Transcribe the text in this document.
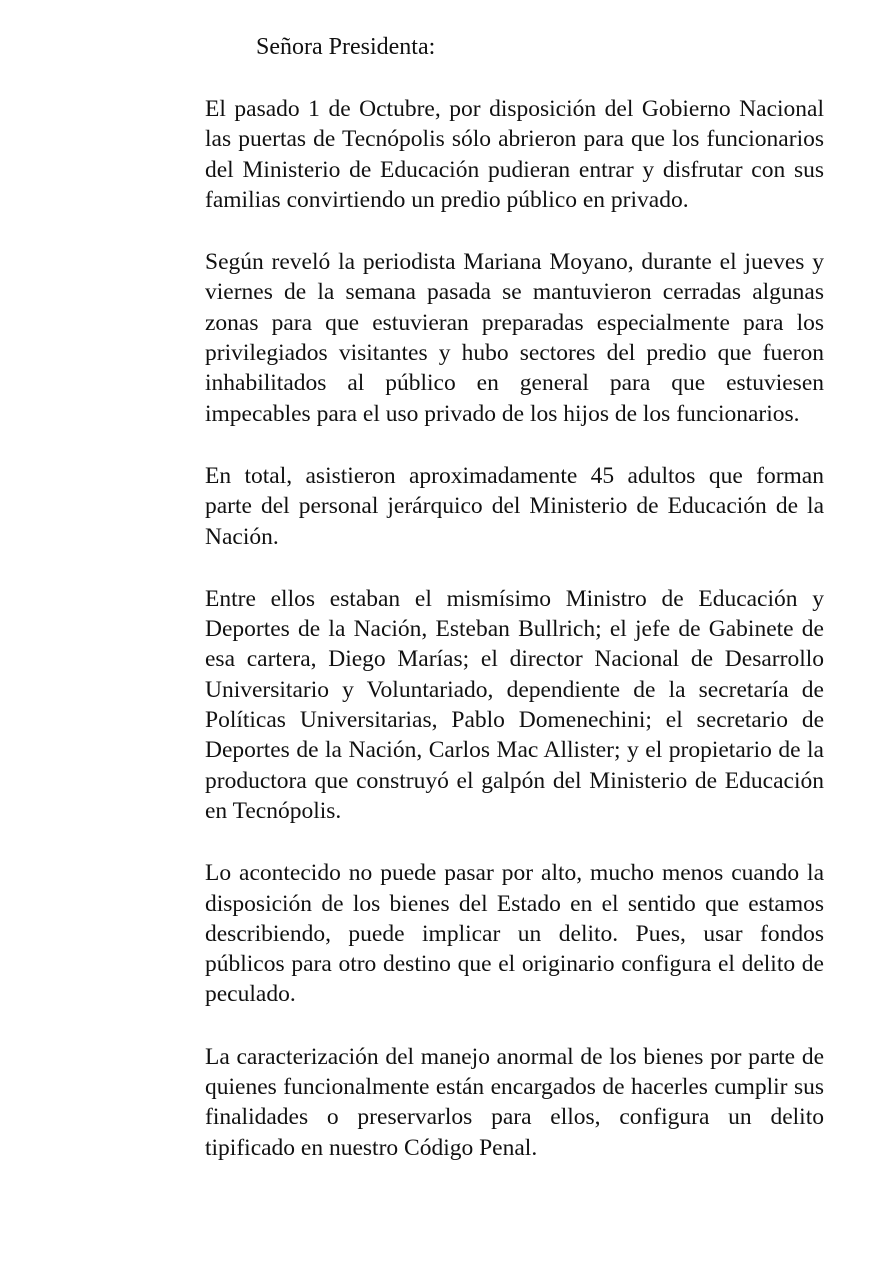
Señora Presidenta:

El pasado 1 de Octubre, por disposición del Gobierno Nacional las puertas de Tecnópolis sólo abrieron para que los funcionarios del Ministerio de Educación pudieran entrar y disfrutar con sus familias convirtiendo un predio público en privado.

Según reveló la periodista Mariana Moyano, durante el jueves y viernes de la semana pasada se mantuvieron cerradas algunas zonas para que estuvieran preparadas especialmente para los privilegiados visitantes y hubo sectores del predio que fueron inhabilitados al público en general para que estuviesen impecables para el uso privado de los hijos de los funcionarios.

En total, asistieron aproximadamente 45 adultos que forman parte del personal jerárquico del Ministerio de Educación de la Nación.

Entre ellos estaban el mismísimo Ministro de Educación y Deportes de la Nación, Esteban Bullrich; el jefe de Gabinete de esa cartera, Diego Marías; el director Nacional de Desarrollo Universitario y Voluntariado, dependiente de la secretaría de Políticas Universitarias, Pablo Domenechini; el secretario de Deportes de la Nación, Carlos Mac Allister; y el propietario de la productora que construyó el galpón del Ministerio de Educación en Tecnópolis.

Lo acontecido no puede pasar por alto, mucho menos cuando la disposición de los bienes del Estado en el sentido que estamos describiendo, puede implicar un delito. Pues, usar fondos públicos para otro destino que el originario configura el delito de peculado.

La caracterización del manejo anormal de los bienes por parte de quienes funcionalmente están encargados de hacerles cumplir sus finalidades o preservarlos para ellos, configura un delito tipificado en nuestro Código Penal.
